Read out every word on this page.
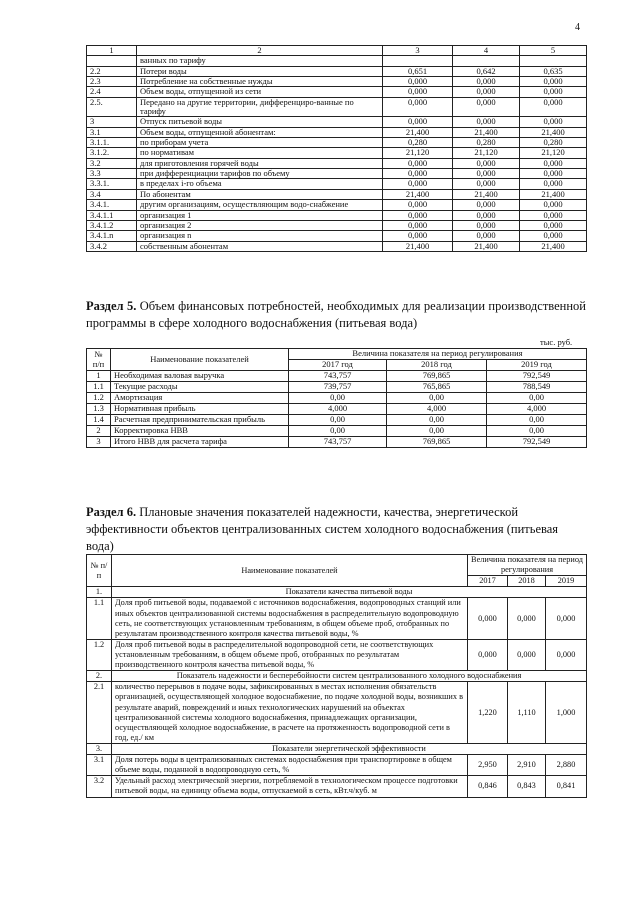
4
1	2	3	4	5
	ванных по тарифу			
2.2	Потери воды	0,651	0,642	0,635
2.3	Потребление на собственные нужды	0,000	0,000	0,000
2.4	Объем воды, отпущенной из сети	0,000	0,000	0,000
2.5.	Передано на другие территории, дифференциро-ванные по тарифу	0,000	0,000	0,000
3	Отпуск питьевой воды	0,000	0,000	0,000
3.1	Объем воды, отпущенной абонентам:	21,400	21,400	21,400
3.1.1.	по приборам учета	0,280	0,280	0,280
3.1.2.	по нормативам	21,120	21,120	21,120
3.2	для приготовления горячей воды	0,000	0,000	0,000
3.3	при дифференциации тарифов по объему	0,000	0,000	0,000
3.3.1.	в пределах i-го объема	0,000	0,000	0,000
3.4	По абонентам	21,400	21,400	21,400
3.4.1.	другим организациям, осуществляющим водо-снабжение	0,000	0,000	0,000
3.4.1.1	организация 1	0,000	0,000	0,000
3.4.1.2	организация 2	0,000	0,000	0,000
3.4.1.n	организация n	0,000	0,000	0,000
3.4.2	собственным абонентам	21,400	21,400	21,400
Раздел 5. Объем финансовых потребностей, необходимых для реализации производственной программы в сфере холодного водоснабжения (питьевая вода)
тыс. руб.
№ п/п	Наименование показателей	Величина показателя на период регулирования		
		2017 год	2018 год	2019 год
1	Необходимая валовая выручка	743,757	769,865	792,549
1.1	Текущие расходы	739,757	765,865	788,549
1.2	Амортизация	0,00	0,00	0,00
1.3	Нормативная прибыль	4,000	4,000	4,000
1.4	Расчетная предпринимательская прибыль	0,00	0,00	0,00
2	Корректировка НВВ	0,00	0,00	0,00
3	Итого НВВ для расчета тарифа	743,757	769,865	792,549
Раздел 6. Плановые значения показателей надежности, качества, энергетической эффективности объектов централизованных систем холодного водоснабжения (питьевая вода)
№ п/п	Наименование показателей	Величина показателя на период регулирования		
		2017	2018	2019
1.	Показатели качества питьевой воды			
1.1	Доля проб питьевой воды, подаваемой с источников водоснабжения, водопроводных станций или иных объектов централизованной системы водоснабжения в распределительную водопроводную сеть, не соответствующих установленным требованиям, в общем объеме проб, отобранных по результатам производственного контроля качества питьевой воды, %	0,000	0,000	0,000
1.2	Доля проб питьевой воды в распределительной водопроводной сети, не соответствующих установленным требованиям, в общем объеме проб, отобранных по результатам производственного контроля качества питьевой воды, %	0,000	0,000	0,000
2.	Показатель надежности и бесперебойности систем централизованного холодного водоснабжения			
2.1	количество перерывов в подаче воды, зафиксированных в местах исполнения обязательств организацией, осуществляющей холодное водоснабжение, по подаче холодной воды, возникших в результате аварий, повреждений и иных технологических нарушений на объектах централизованной системы холодного водоснабжения, принадлежащих организации, осуществляющей холодное водоснабжение, в расчете на протяженность водопроводной сети в год, ед./ км	1,220	1,110	1,000
3.	Показатели энергетической эффективности			
3.1	Доля потерь воды в централизованных системах водоснабжения при транспортировке в общем объеме воды, поданной в водопроводную сеть, %	2,950	2,910	2,880
3.2	Удельный расход электрической энергии, потребляемой в технологическом процессе подготовки питьевой воды, на единицу объема воды, отпускаемой в сеть, кВт.ч/куб. м	0,846	0,843	0,841
